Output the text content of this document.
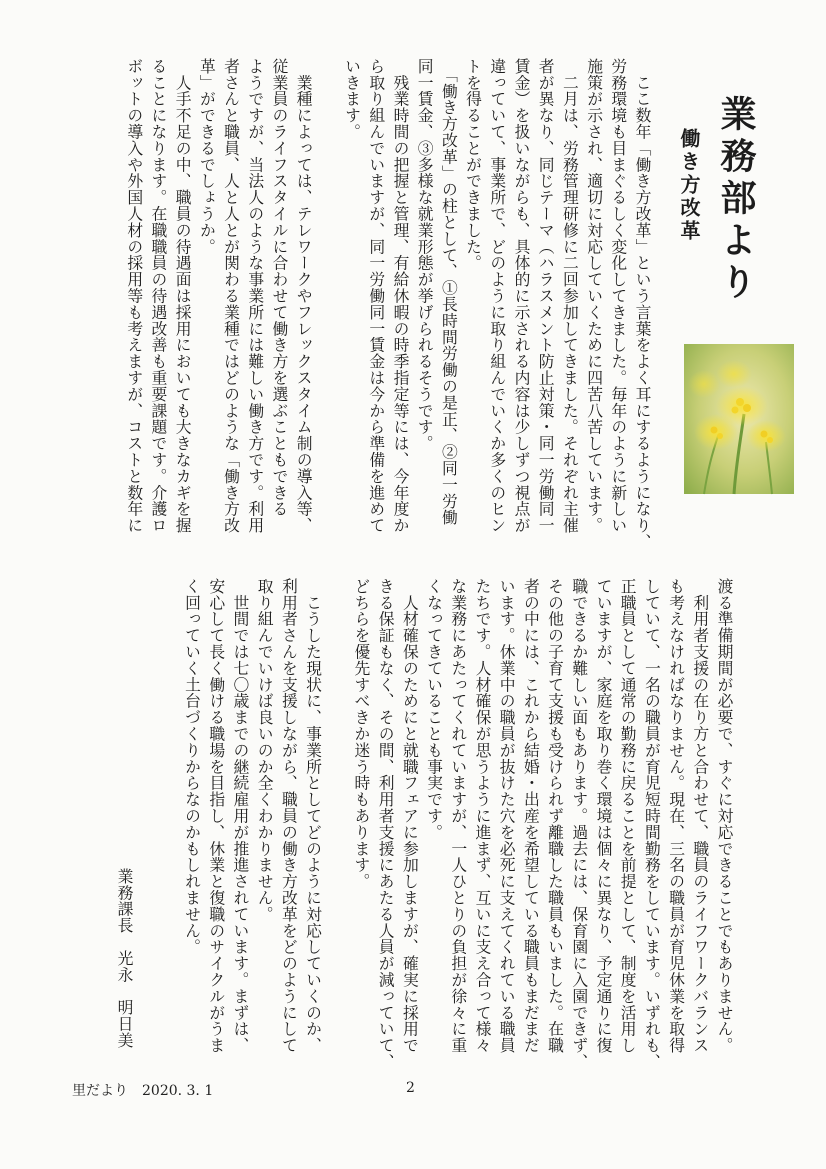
業務部より
働き方改革
　ここ数年「働き方改革」という言葉をよく耳にするようになり、
労務環境も目まぐるしく変化してきました。毎年のように新しい
施策が示され、適切に対応していくために四苦八苦しています。
　二月は、労務管理研修に二回参加してきました。それぞれ主催
者が異なり、同じテーマ（ハラスメント防止対策・同一労働同一
賃金）を扱いながらも、具体的に示される内容は少しずつ視点が
違っていて、事業所で、どのように取り組んでいくか多くのヒン
トを得ることができました。
　「働き方改革」の柱として、①長時間労働の是正、②同一労働
同一賃金、③多様な就業形態が挙げられるそうです。
　残業時間の把握と管理、有給休暇の時季指定等には、今年度か
ら取り組んでいますが、同一労働同一賃金は今から準備を進めて
いきます。

　業種によっては、テレワークやフレックスタイム制の導入等、
従業員のライフスタイルに合わせて働き方を選ぶこともできる
ようですが、当法人のような事業所には難しい働き方です。利用
者さんと職員、人と人とが関わる業種ではどのような「働き方改
革」ができるでしょうか。
　人手不足の中、職員の待遇面は採用においても大きなカギを握
ることになります。在職職員の待遇改善も重要課題です。介護ロ
ボットの導入や外国人材の採用等も考えますが、コストと数年に
渡る準備期間が必要で、すぐに対応できることでもありません。
　利用者支援の在り方と合わせて、職員のライフワークバランス
も考えなければなりません。現在、三名の職員が育児休業を取得
していて、一名の職員が育児短時間勤務をしています。いずれも、
正職員として通常の勤務に戻ることを前提として、制度を活用し
ていますが、家庭を取り巻く環境は個々に異なり、予定通りに復
職できるか難しい面もあります。過去には、保育園に入園できず、
その他の子育て支援も受けられず離職した職員もいました。在職
者の中には、これから結婚・出産を希望している職員もまだまだ
います。休業中の職員が抜けた穴を必死に支えてくれている職員
たちです。人材確保が思うように進まず、互いに支え合って様々
な業務にあたってくれていますが、一人ひとりの負担が徐々に重
くなってきていることも事実です。
　人材確保のためにと就職フェアに参加しますが、確実に採用で
きる保証もなく、その間、利用者支援にあたる人員が減っていて、
どちらを優先すべきか迷う時もあります。

　こうした現状に、事業所としてどのように対応していくのか、
利用者さんを支援しながら、職員の働き方改革をどのようにして
取り組んでいけば良いのか全くわかりません。
　世間では七〇歳までの継続雇用が推進されています。まずは、
安心して長く働ける職場を目指し、休業と復職のサイクルがうま
く回っていく土台づくりからなのかもしれません。
業務課長　光永　明日美
里だより　2020. 3. 1	2
